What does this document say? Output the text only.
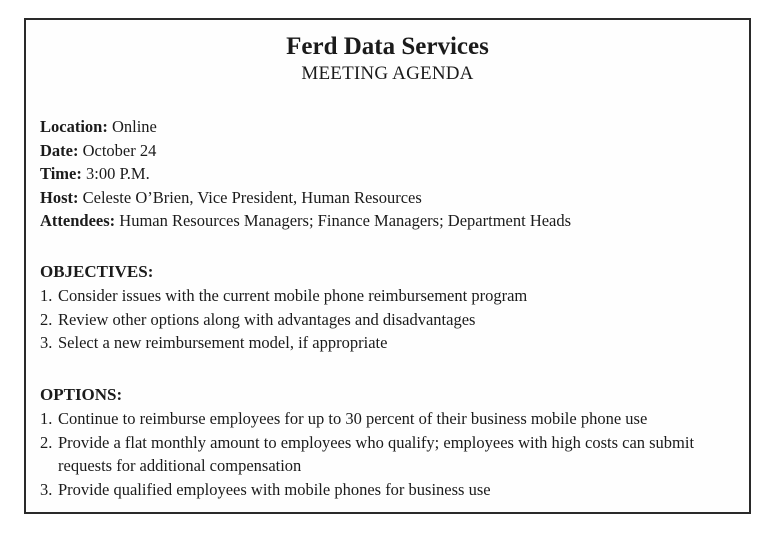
Ferd Data Services
MEETING AGENDA
Location: Online
Date: October 24
Time: 3:00 P.M.
Host: Celeste O’Brien, Vice President, Human Resources
Attendees: Human Resources Managers; Finance Managers; Department Heads
OBJECTIVES:
1. Consider issues with the current mobile phone reimbursement program
2. Review other options along with advantages and disadvantages
3. Select a new reimbursement model, if appropriate
OPTIONS:
1. Continue to reimburse employees for up to 30 percent of their business mobile phone use
2. Provide a flat monthly amount to employees who qualify; employees with high costs can submit requests for additional compensation
3. Provide qualified employees with mobile phones for business use
